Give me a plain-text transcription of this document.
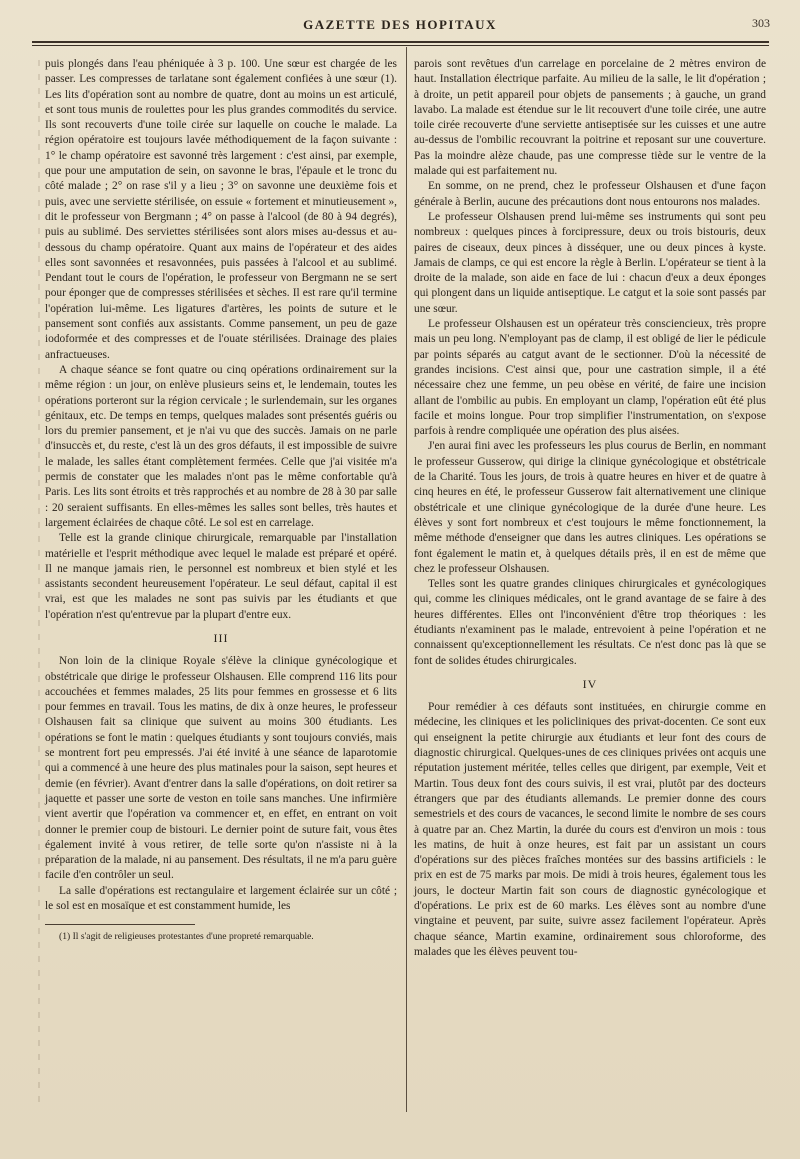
GAZETTE DES HOPITAUX	303

puis plongés dans l'eau phéniquée à 3 p. 100. Une sœur est chargée de les passer. Les compresses de tarlatane sont également confiées à une sœur (1). Les lits d'opération sont au nombre de quatre, dont au moins un est articulé, et sont tous munis de roulettes pour les plus grandes commodités du service. Ils sont recouverts d'une toile cirée sur laquelle on couche le malade. La région opératoire est toujours lavée méthodiquement de la façon suivante : 1° le champ opératoire est savonné très largement : c'est ainsi, par exemple, que pour une amputation de sein, on savonne le bras, l'épaule et le tronc du côté malade ; 2° on rase s'il y a lieu ; 3° on savonne une deuxième fois et puis, avec une serviette stérilisée, on essuie « fortement et minutieusement », dit le professeur von Bergmann ; 4° on passe à l'alcool (de 80 à 94 degrés), puis au sublimé. Des serviettes stérilisées sont alors mises au-dessus et au-dessous du champ opératoire. Quant aux mains de l'opérateur et des aides elles sont savonnées et resavonnées, puis passées à l'alcool et au sublimé. Pendant tout le cours de l'opération, le professeur von Bergmann ne se sert pour éponger que de compresses stérilisées et sèches. Il est rare qu'il termine l'opération lui-même. Les ligatures d'artères, les points de suture et le pansement sont confiés aux assistants. Comme pansement, un peu de gaze iodoformée et des compresses et de l'ouate stérilisées. Drainage des plaies anfractueuses.

A chaque séance se font quatre ou cinq opérations ordinairement sur la même région : un jour, on enlève plusieurs seins et, le lendemain, toutes les opérations porteront sur la région cervicale ; le surlendemain, sur les organes génitaux, etc. De temps en temps, quelques malades sont présentés guéris ou lors du premier pansement, et je n'ai vu que des succès. Jamais on ne parle d'insuccès et, du reste, c'est là un des gros défauts, il est impossible de suivre le malade, les salles étant complètement fermées. Celle que j'ai visitée m'a permis de constater que les malades n'ont pas le même confortable qu'à Paris. Les lits sont étroits et très rapprochés et au nombre de 28 à 30 par salle : 20 seraient suffisants. En elles-mêmes les salles sont belles, très hautes et largement éclairées de chaque côté. Le sol est en carrelage.

Telle est la grande clinique chirurgicale, remarquable par l'installation matérielle et l'esprit méthodique avec lequel le malade est préparé et opéré. Il ne manque jamais rien, le personnel est nombreux et bien stylé et les assistants secondent heureusement l'opérateur. Le seul défaut, capital il est vrai, est que les malades ne sont pas suivis par les étudiants et que l'opération n'est qu'entrevue par la plupart d'entre eux.

III

Non loin de la clinique Royale s'élève la clinique gynécologique et obstétricale que dirige le professeur Olshausen. Elle comprend 116 lits pour accouchées et femmes malades, 25 lits pour femmes en grossesse et 6 lits pour femmes en travail. Tous les matins, de dix à onze heures, le professeur Olshausen fait sa clinique que suivent au moins 300 étudiants. Les opérations se font le matin : quelques étudiants y sont toujours conviés, mais se montrent fort peu empressés. J'ai été invité à une séance de laparotomie qui a commencé à une heure des plus matinales pour la saison, sept heures et demie (en février). Avant d'entrer dans la salle d'opérations, on doit retirer sa jaquette et passer une sorte de veston en toile sans manches. Une infirmière vient avertir que l'opération va commencer et, en effet, en entrant on voit donner le premier coup de bistouri. Le dernier point de suture fait, vous êtes également invité à vous retirer, de telle sorte qu'on n'assiste ni à la préparation de la malade, ni au pansement. Des résultats, il ne m'a paru guère facile d'en contrôler un seul.

La salle d'opérations est rectangulaire et largement éclairée sur un côté ; le sol est en mosaïque et est constamment humide, les

(1) Il s'agit de religieuses protestantes d'une propreté remarquable.

parois sont revêtues d'un carrelage en porcelaine de 2 mètres environ de haut. Installation électrique parfaite. Au milieu de la salle, le lit d'opération ; à droite, un petit appareil pour objets de pansements ; à gauche, un grand lavabo. La malade est étendue sur le lit recouvert d'une toile cirée, une autre toile cirée recouverte d'une serviette antiseptisée sur les cuisses et une autre au-dessus de l'ombilic recouvrant la poitrine et reposant sur une couverture. Pas la moindre alèze chaude, pas une compresse tiède sur le ventre de la malade qui est parfaitement nu.

En somme, on ne prend, chez le professeur Olshausen et d'une façon générale à Berlin, aucune des précautions dont nous entourons nos malades.

Le professeur Olshausen prend lui-même ses instruments qui sont peu nombreux : quelques pinces à forcipressure, deux ou trois bistouris, deux paires de ciseaux, deux pinces à disséquer, une ou deux pinces à kyste. Jamais de clamps, ce qui est encore la règle à Berlin. L'opérateur se tient à la droite de la malade, son aide en face de lui : chacun d'eux a deux éponges qui plongent dans un liquide antiseptique. Le catgut et la soie sont passés par une sœur.

Le professeur Olshausen est un opérateur très consciencieux, très propre mais un peu long. N'employant pas de clamp, il est obligé de lier le pédicule par points séparés au catgut avant de le sectionner. D'où la nécessité de grandes incisions. C'est ainsi que, pour une castration simple, il a été nécessaire chez une femme, un peu obèse en vérité, de faire une incision allant de l'ombilic au pubis. En employant un clamp, l'opération eût été plus facile et moins longue. Pour trop simplifier l'instrumentation, on s'expose parfois à rendre compliquée une opération des plus aisées.

J'en aurai fini avec les professeurs les plus courus de Berlin, en nommant le professeur Gusserow, qui dirige la clinique gynécologique et obstétricale de la Charité. Tous les jours, de trois à quatre heures en hiver et de quatre à cinq heures en été, le professeur Gusserow fait alternativement une clinique obstétricale et une clinique gynécologique de la durée d'une heure. Les élèves y sont fort nombreux et c'est toujours le même fonctionnement, la même méthode d'enseigner que dans les autres cliniques. Les opérations se font également le matin et, à quelques détails près, il en est de même que chez le professeur Olshausen.

Telles sont les quatre grandes cliniques chirurgicales et gynécologiques qui, comme les cliniques médicales, ont le grand avantage de se faire à des heures différentes. Elles ont l'inconvénient d'être trop théoriques : les étudiants n'examinent pas le malade, entrevoient à peine l'opération et ne connaissent qu'exceptionnellement les résultats. Ce n'est donc pas là que se font de solides études chirurgicales.

IV

Pour remédier à ces défauts sont instituées, en chirurgie comme en médecine, les cliniques et les policliniques des privat-docenten. Ce sont eux qui enseignent la petite chirurgie aux étudiants et leur font des cours de diagnostic chirurgical. Quelques-unes de ces cliniques privées ont acquis une réputation justement méritée, telles celles que dirigent, par exemple, Veit et Martin. Tous deux font des cours suivis, il est vrai, plutôt par des docteurs étrangers que par des étudiants allemands. Le premier donne des cours semestriels et des cours de vacances, le second limite le nombre de ses cours à quatre par an. Chez Martin, la durée du cours est d'environ un mois : tous les matins, de huit à onze heures, est fait par un assistant un cours d'opérations sur des pièces fraîches montées sur des bassins artificiels : le prix en est de 75 marks par mois. De midi à trois heures, également tous les jours, le docteur Martin fait son cours de diagnostic gynécologique et d'opérations. Le prix est de 60 marks. Les élèves sont au nombre d'une vingtaine et peuvent, par suite, suivre assez facilement l'opérateur. Après chaque séance, Martin examine, ordinairement sous chloroforme, des malades que les élèves peuvent tou-
